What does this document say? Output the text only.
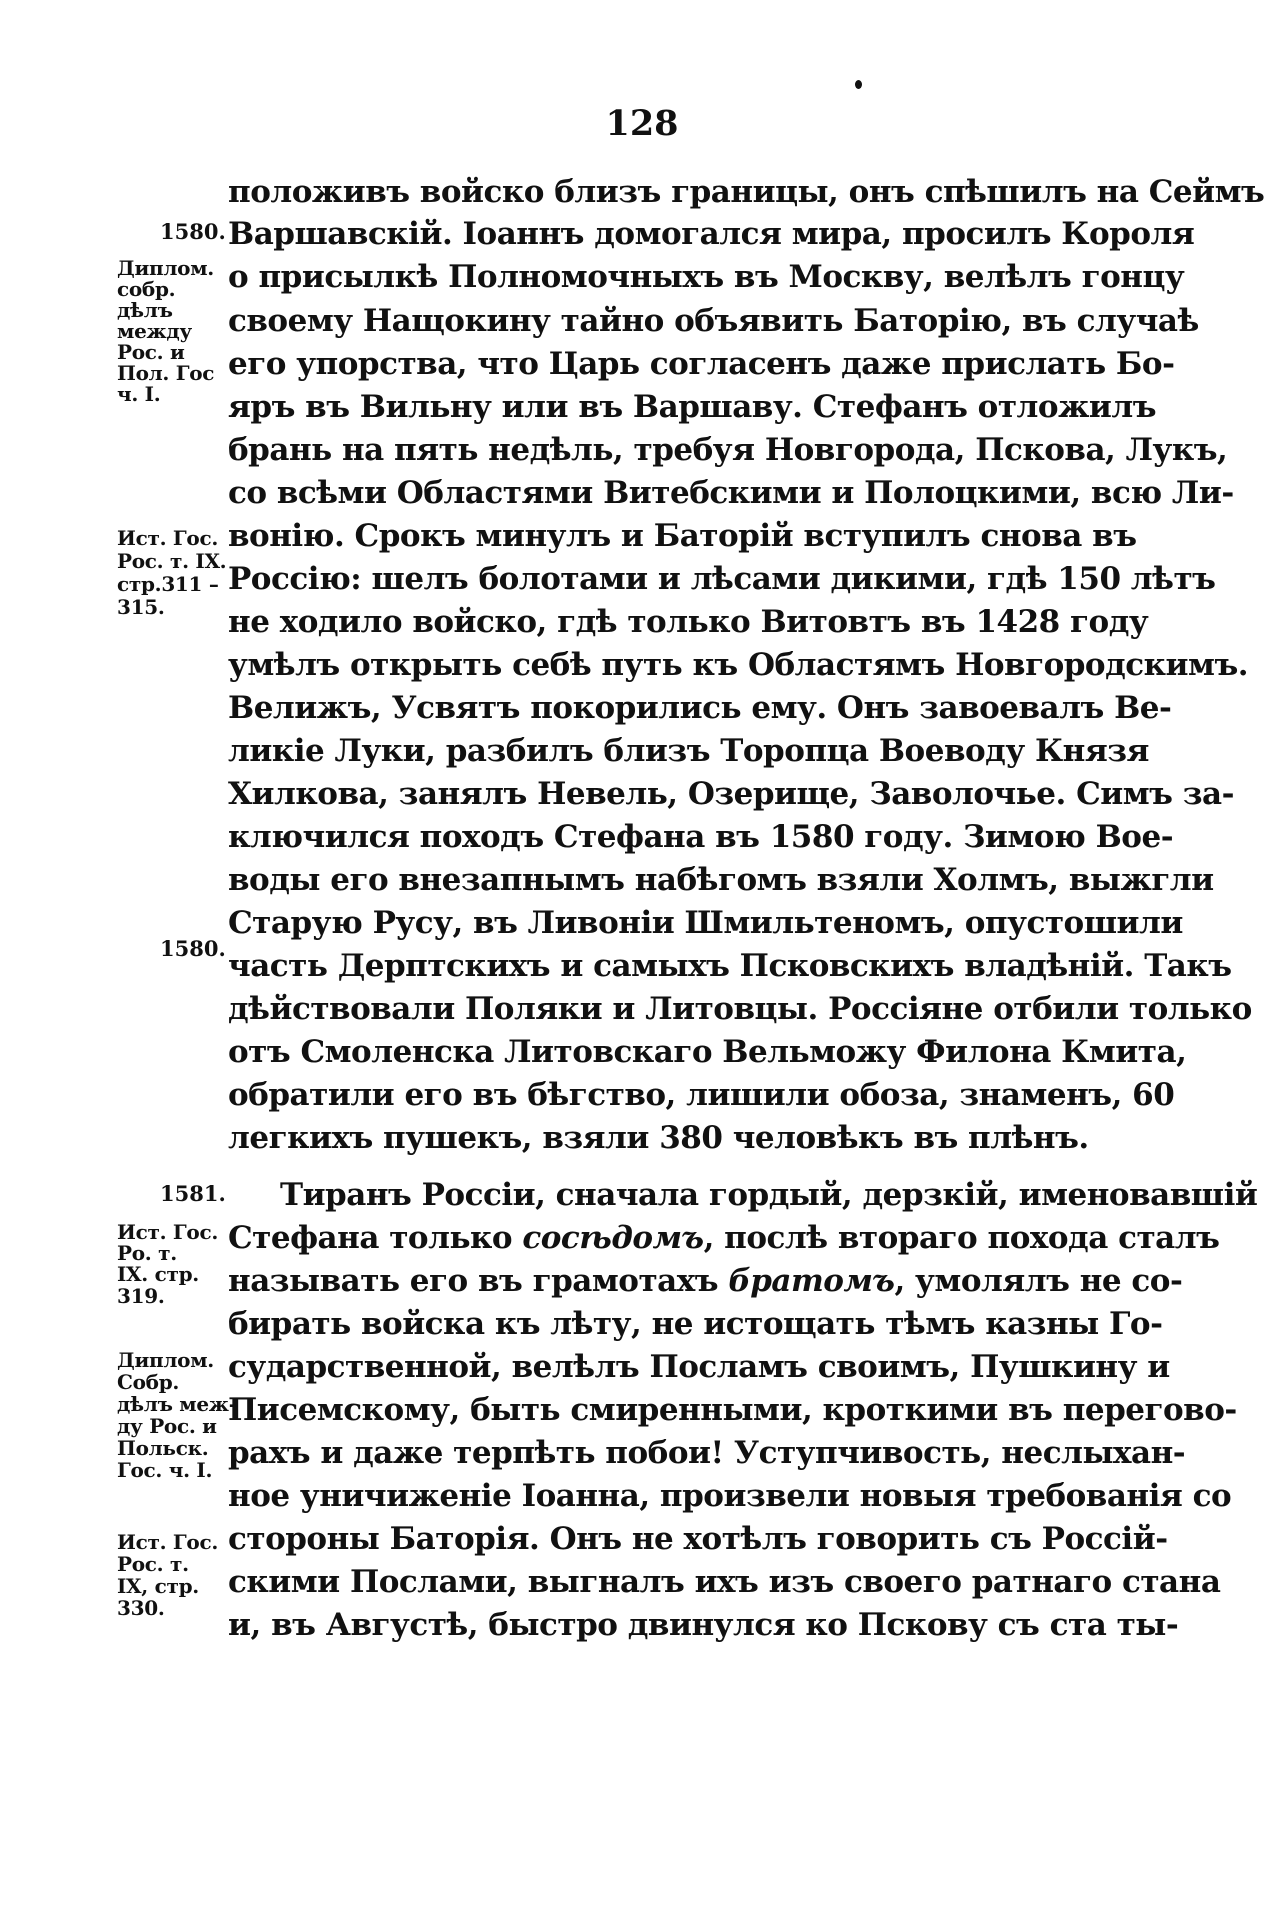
128
положивъ войско близъ границы, онъ спѣшилъ на Сеймъ
Варшавскій. Іоаннъ домогался мира, просилъ Короля
о присылкѣ Полномочныхъ въ Москву, велѣлъ гонцу
своему Нащокину тайно объявить Баторію, въ случаѣ
его упорства, что Царь согласенъ даже прислать Бо-
яръ въ Вильну или въ Варшаву. Стефанъ отложилъ
брань на пять недѣль, требуя Новгорода, Пскова, Лукъ,
со всѣми Областями Витебскими и Полоцкими, всю Ли-
вонію. Срокъ минулъ и Баторій вступилъ снова въ
Россію: шелъ болотами и лѣсами дикими, гдѣ 150 лѣтъ
не ходило войско, гдѣ только Витовтъ въ 1428 году
умѣлъ открыть себѣ путь къ Областямъ Новгородскимъ.
Велижъ, Усвятъ покорились ему. Онъ завоевалъ Ве-
ликіе Луки, разбилъ близъ Торопца Воеводу Князя
Хилкова, занялъ Невель, Озерище, Заволочье. Симъ за-
ключился походъ Стефана въ 1580 году. Зимою Вое-
воды его внезапнымъ набѣгомъ взяли Холмъ, выжгли
Старую Русу, въ Ливоніи Шмильтеномъ, опустошили
часть Дерптскихъ и самыхъ Псковскихъ владѣній. Такъ
дѣйствовали Поляки и Литовцы. Россіяне отбили только
отъ Смоленска Литовскаго Вельможу Филона Кмита,
обратили его въ бѣгство, лишили обоза, знаменъ, 60
легкихъ пушекъ, взяли 380 человѣкъ въ плѣнъ.
Тиранъ Россіи, сначала гордый, дерзкій, именовавшій
Стефана только сосѣдомъ, послѣ втораго похода сталъ
называть его въ грамотахъ братомъ, умолялъ не со-
бирать войска къ лѣту, не истощать тѣмъ казны Го-
сударственной, велѣлъ Посламъ своимъ, Пушкину и
Писемскому, быть смиренными, кроткими въ перегово-
рахъ и даже терпѣть побои! Уступчивость, неслыхан-
ное уничиженіе Іоанна, произвели новыя требованія со
стороны Баторія. Онъ не хотѣлъ говорить съ Россій-
скими Послами, выгналъ ихъ изъ своего ратнаго стана
и, въ Августѣ, быстро двинулся ко Пскову съ ста ты-
1580.
1580.
1581.
Диплом.
собр.
дѣлъ
между
Рос. и
Пол. Гос
ч. I.
Ист. Гос.
Рос. т. IX.
стр.311 –
315.
Ист. Гос.
Ро. т.
IX. стр.
319.
Диплом.
Собр.
дѣлъ меж-
ду Рос. и
Польск.
Гос. ч. I.
Ист. Гос.
Рос. т.
IX, стр.
330.
